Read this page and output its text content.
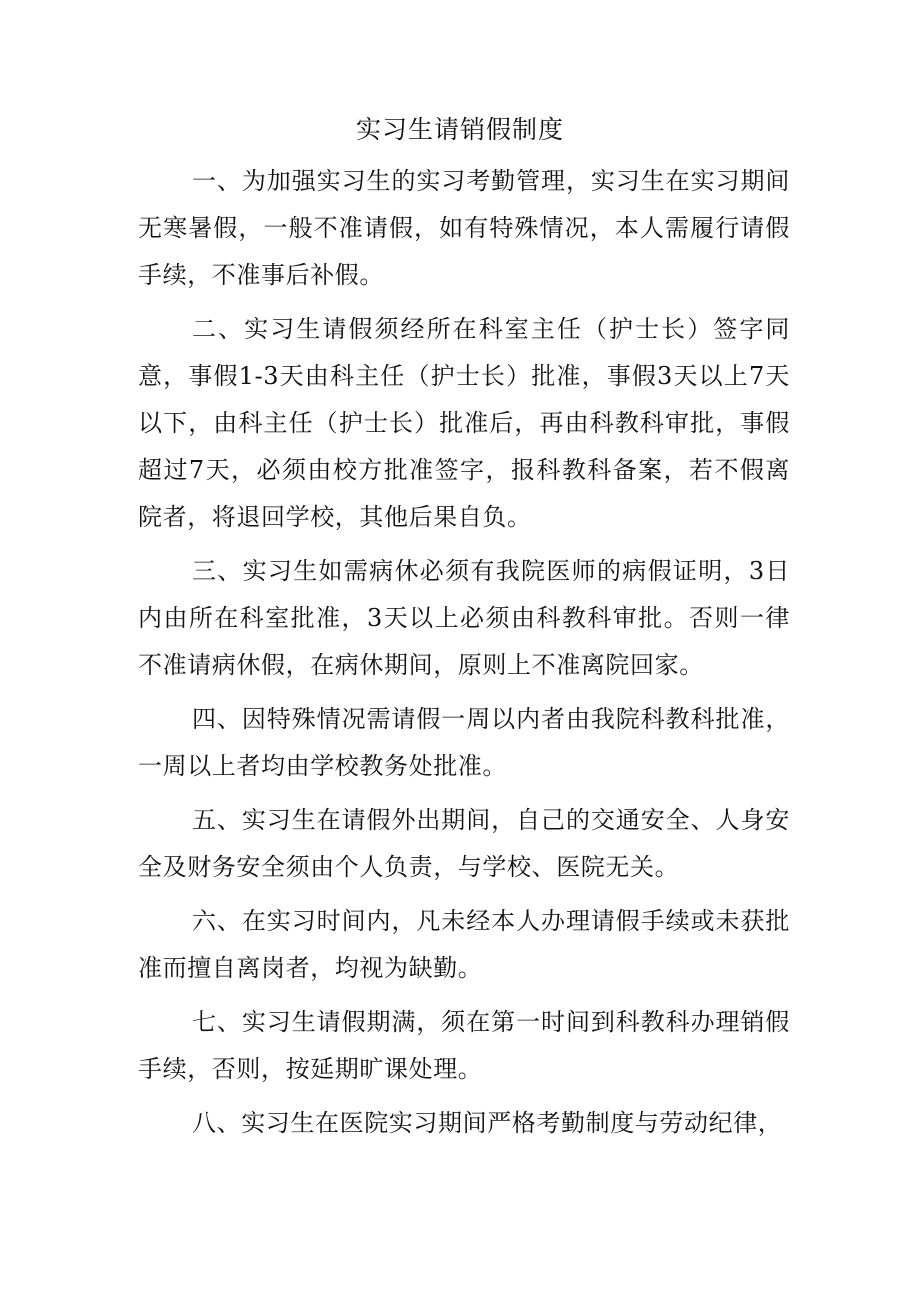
实习生请销假制度

一、为加强实习生的实习考勤管理，实习生在实习期间无寒暑假，一般不准请假，如有特殊情况，本人需履行请假手续，不准事后补假。

二、实习生请假须经所在科室主任（护士长）签字同意，事假1-3天由科主任（护士长）批准，事假3天以上7天以下，由科主任（护士长）批准后，再由科教科审批，事假超过7天，必须由校方批准签字，报科教科备案，若不假离院者，将退回学校，其他后果自负。

三、实习生如需病休必须有我院医师的病假证明，3日内由所在科室批准，3天以上必须由科教科审批。否则一律不准请病休假，在病休期间，原则上不准离院回家。

四、因特殊情况需请假一周以内者由我院科教科批准，一周以上者均由学校教务处批准。

五、实习生在请假外出期间，自己的交通安全、人身安全及财务安全须由个人负责，与学校、医院无关。

六、在实习时间内，凡未经本人办理请假手续或未获批准而擅自离岗者，均视为缺勤。

七、实习生请假期满，须在第一时间到科教科办理销假手续，否则，按延期旷课处理。

八、实习生在医院实习期间严格考勤制度与劳动纪律，
